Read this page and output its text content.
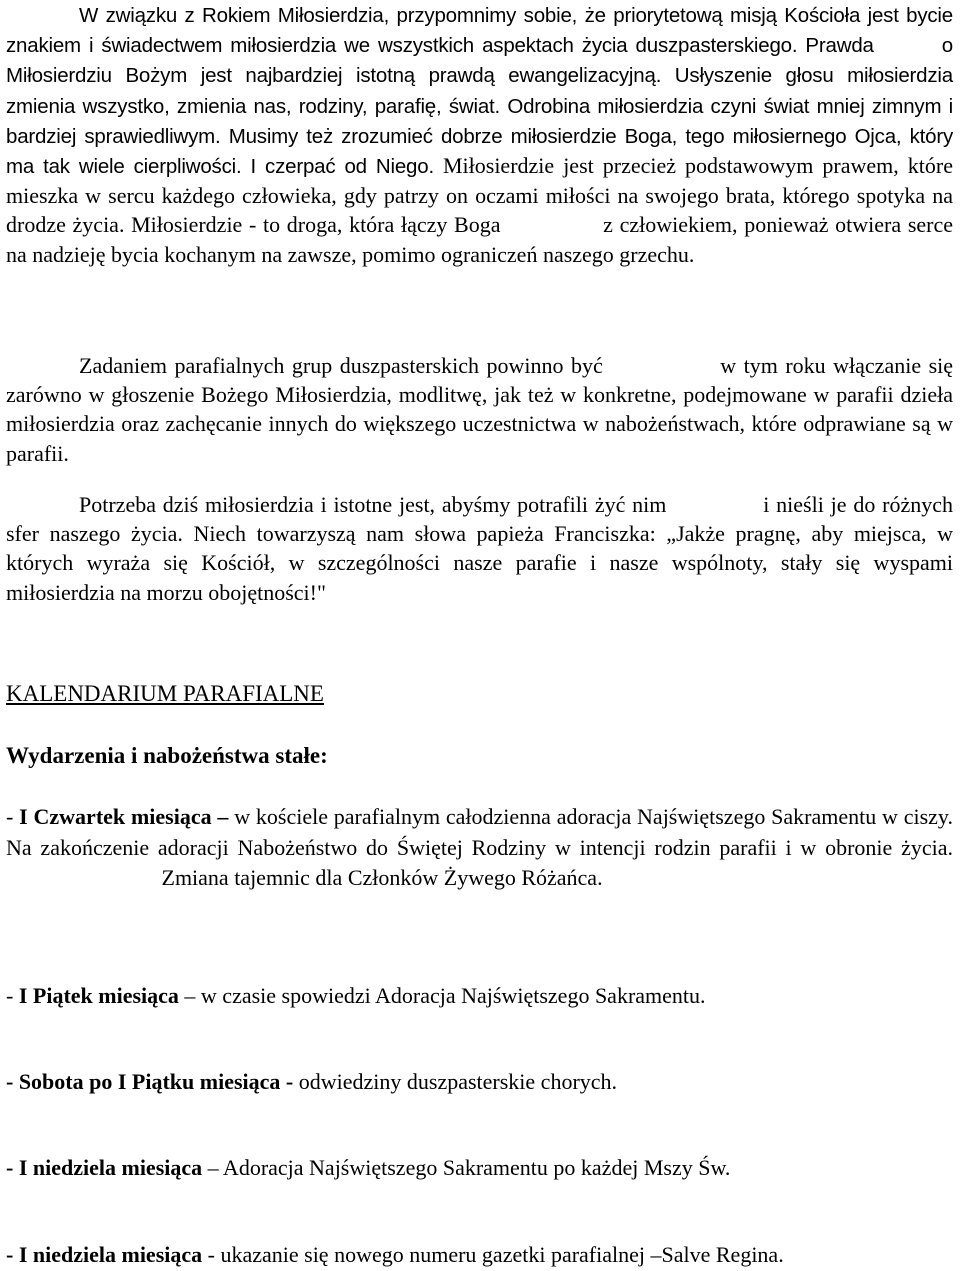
W związku z Rokiem Miłosierdzia, przypomnimy sobie, że priorytetową misją Kościoła jest bycie znakiem i świadectwem miłosierdzia we wszystkich aspektach życia duszpasterskiego. Prawda	o Miłosierdziu Bożym jest najbardziej istotną prawdą ewangelizacyjną. Usłyszenie głosu miłosierdzia zmienia wszystko, zmienia nas, rodziny, parafię, świat. Odrobina miłosierdzia czyni świat mniej zimnym i bardziej sprawiedliwym. Musimy też zrozumieć dobrze miłosierdzie Boga, tego miłosiernego Ojca, który ma tak wiele cierpliwości. I czerpać od Niego. Miłosierdzie jest przecież podstawowym prawem, które mieszka w sercu każdego człowieka, gdy patrzy on oczami miłości na swojego brata, którego spotyka na drodze życia. Miłosierdzie - to droga, która łączy Boga	z człowiekiem, ponieważ otwiera serce na nadzieję bycia kochanym na zawsze, pomimo ograniczeń naszego grzechu.

Zadaniem parafialnych grup duszpasterskich powinno być	w tym roku włączanie się zarówno w głoszenie Bożego Miłosierdzia, modlitwę, jak też w konkretne, podejmowane w parafii dzieła miłosierdzia oraz zachęcanie innych do większego uczestnictwa w nabożeństwach, które odprawiane są w parafii.

Potrzeba dziś miłosierdzia i istotne jest, abyśmy potrafili żyć nim	i nieśli je do różnych sfer naszego życia. Niech towarzyszą nam słowa papieża Franciszka: „Jakże pragnę, aby miejsca, w których wyraża się Kościół, w szczególności nasze parafie i nasze wspólnoty, stały się wyspami miłosierdzia na morzu obojętności!"

KALENDARIUM PARAFIALNE
Wydarzenia i nabożeństwa stałe:

- I Czwartek miesiąca – w kościele parafialnym całodzienna adoracja Najświętszego Sakramentu w ciszy. Na zakończenie adoracji Nabożeństwo do Świętej Rodziny w intencji rodzin parafii i w obronie życia. Zmiana tajemnic dla Członków Żywego Różańca.

- I Piątek miesiąca – w czasie spowiedzi Adoracja Najświętszego Sakramentu.

- Sobota po I Piątku miesiąca - odwiedziny duszpasterskie chorych.

- I niedziela miesiąca – Adoracja Najświętszego Sakramentu po każdej Mszy Św.

- I niedziela miesiąca - ukazanie się nowego numeru gazetki parafialnej –Salve Regina.
